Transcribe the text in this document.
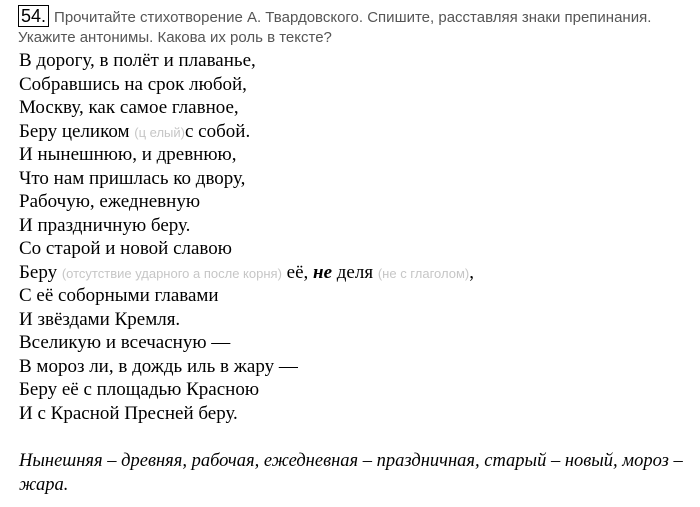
54. Прочитайте стихотворение А. Твардовского. Спишите, расставляя знаки препинания. Укажите антонимы. Какова их роль в тексте?
В дорогу, в полёт и плаванье,
Собравшись на срок любой,
Москву, как самое главное,
Беру целиком (ц елый)с собой.
И нынешнюю, и древнюю,
Что нам пришлась ко двору,
Рабочую, ежедневную
И праздничную беру.
Со старой и новой славою
Беру (отсутствие ударного а после корня) её, не деля (не с глаголом),
С её соборными главами
И звёздами Кремля.
Вселикую и всечасную —
В мороз ли, в дождь иль в жару —
Беру её с площадью Красною
И с Красной Пресней беру.
Нынешняя – древняя, рабочая, ежедневная – праздничная, старый – новый, мороз – жара.
